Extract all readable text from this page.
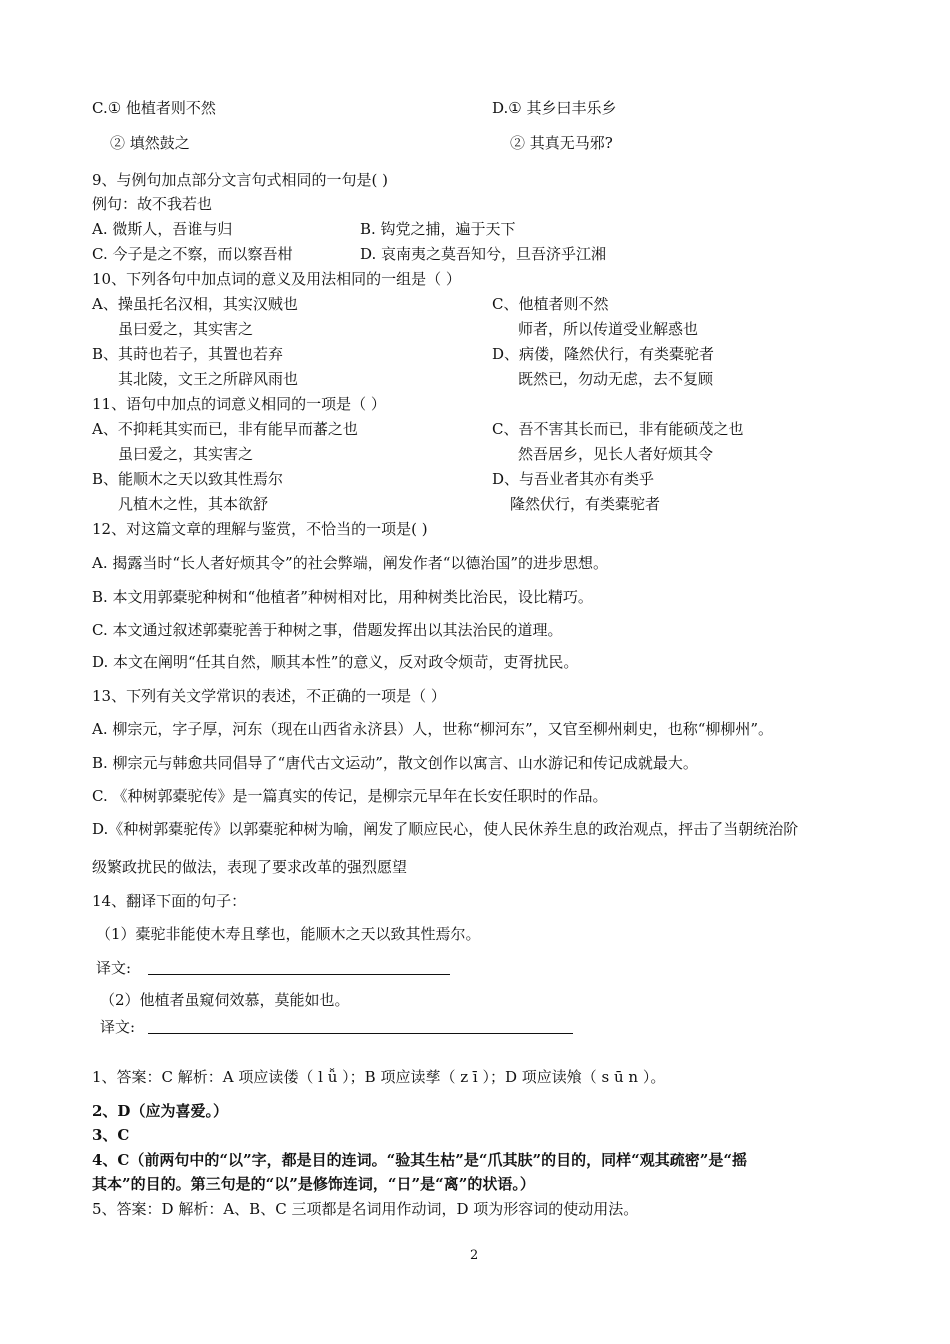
C.① 他植者则不然
② 填然鼓之
D.① 其乡曰丰乐乡
② 其真无马邪?
9、与例句加点部分文言句式相同的一句是( )
例句：故不我若也
A. 微斯人，吾谁与归	B. 钩党之捕，遍于天下
C. 今子是之不察，而以察吾柑	D. 哀南夷之莫吾知兮，旦吾济乎江湘
10、下列各句中加点词的意义及用法相同的一组是（ ）
A、操虽托名汉相，其实汉贼也
虽曰爱之，其实害之
B、其莳也若子，其置也若弃
其北陵，文王之所辟风雨也
C、他植者则不然
师者，所以传道受业解惑也
D、病偻，隆然伏行，有类橐驼者
既然已，勿动无虑，去不复顾
11、语句中加点的词意义相同的一项是（ ）
A、不抑耗其实而已，非有能早而蕃之也
虽曰爱之，其实害之
B、能顺木之天以致其性焉尔
凡植木之性，其本欲舒
C、吾不害其长而已，非有能硕茂之也
然吾居乡，见长人者好烦其令
D、与吾业者其亦有类乎
隆然伏行，有类橐驼者
12、对这篇文章的理解与鉴赏，不恰当的一项是( )
A. 揭露当时“长人者好烦其令”的社会弊端，阐发作者“以德治国”的进步思想。
B. 本文用郭橐驼种树和“他植者”种树相对比，用种树类比治民，设比精巧。
C. 本文通过叙述郭橐驼善于种树之事，借题发挥出以其法治民的道理。
D. 本文在阐明“任其自然，顺其本性”的意义，反对政令烦苛，吏胥扰民。
13、下列有关文学常识的表述，不正确的一项是（ ）
A. 柳宗元，字子厚，河东（现在山西省永济县）人，世称“柳河东”，又官至柳州刺史，也称“柳柳州”。
B. 柳宗元与韩愈共同倡导了“唐代古文运动”，散文创作以寓言、山水游记和传记成就最大。
C. 《种树郭橐驼传》是一篇真实的传记，是柳宗元早年在长安任职时的作品。
D.《种树郭橐驼传》以郭橐驼种树为喻，阐发了顺应民心，使人民休养生息的政治观点，抨击了当朝统治阶
级繁政扰民的做法，表现了要求改革的强烈愿望
14、翻译下面的句子：
（1）橐驼非能使木寿且孳也，能顺木之天以致其性焉尔。
译文:
（2）他植者虽窥伺效慕，莫能如也。
译文:
1、答案：C 解析：A 项应读偻（ l ǚ ）；B 项应读孳（ z ī ）；D 项应读飧（ s ū n ）。
2、D（应为喜爱。）
3、C
4、C（前两句中的“以”字，都是目的连词。“验其生枯”是“爪其肤”的目的，同样“观其疏密”是“摇
其本”的目的。第三句是的“以”是修饰连词，“日”是“离”的状语。）
5、答案：D 解析：A、B、C 三项都是名词用作动词，D 项为形容词的使动用法。
2
